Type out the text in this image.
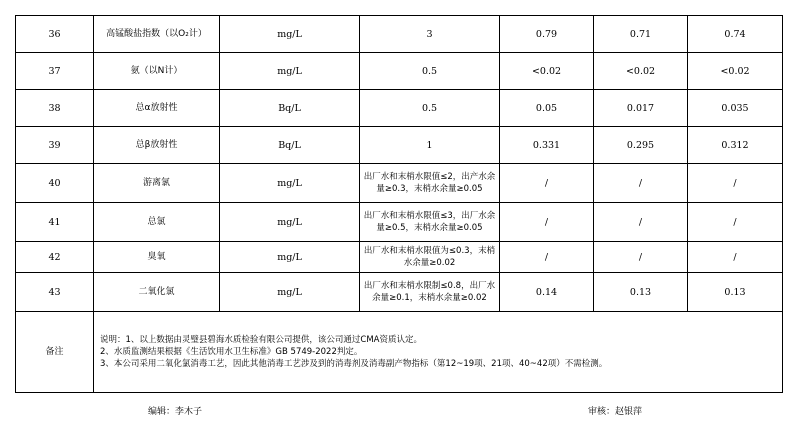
36	高锰酸盐指数（以O₂计）	mg/L	3	0.79	0.71	0.74
37	氨（以N计）	mg/L	0.5	<0.02	<0.02	<0.02
38	总α放射性	Bq/L	0.5	0.05	0.017	0.035
39	总β放射性	Bq/L	1	0.331	0.295	0.312
40	游离氯	mg/L	出厂水和末梢水限值≤2，出产水余量≥0.3，末梢水余量≥0.05	/	/	/
41	总氯	mg/L	出厂水和末梢水限值≤3，出厂水余量≥0.5，末梢水余量≥0.05	/	/	/
42	臭氧	mg/L	出厂水和末梢水限值为≤0.3，末梢水余量≥0.02	/	/	/
43	二氧化氯	mg/L	出厂水和末梢水限制≤0.8，出厂水余量≥0.1，末梢水余量≥0.02	0.14	0.13	0.13
备注	说明：1、以上数据由灵璧县碧海水质检验有限公司提供，该公司通过CMA资质认定。
2、水质监测结果根据《生活饮用水卫生标准》GB 5749-2022判定。
3、本公司采用二氧化氯消毒工艺，因此其他消毒工艺涉及到的消毒剂及消毒副产物指标（第12~19项、21项、40~42项）不需检测。					
编辑：李木子	审核：赵银萍
